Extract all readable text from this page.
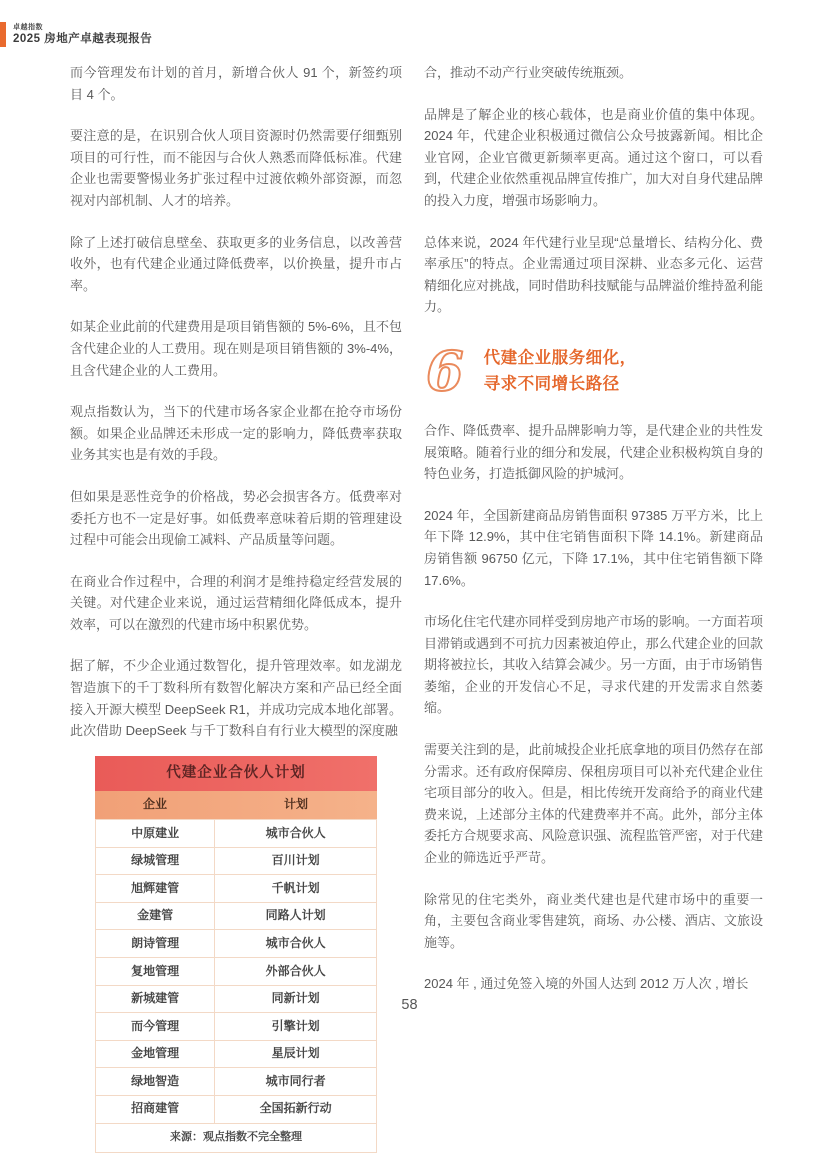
卓越指数
2025 房地产卓越表现报告

而今管理发布计划的首月，新增合伙人 91 个，新签约项目 4 个。

要注意的是，在识别合伙人项目资源时仍然需要仔细甄别项目的可行性，而不能因与合伙人熟悉而降低标准。代建企业也需要警惕业务扩张过程中过渡依赖外部资源，而忽视对内部机制、人才的培养。

除了上述打破信息壁垒、获取更多的业务信息，以改善营收外，也有代建企业通过降低费率，以价换量，提升市占率。

如某企业此前的代建费用是项目销售额的 5%-6%，且不包含代建企业的人工费用。现在则是项目销售额的 3%-4%，且含代建企业的人工费用。

观点指数认为，当下的代建市场各家企业都在抢夺市场份额。如果企业品牌还未形成一定的影响力，降低费率获取业务其实也是有效的手段。

但如果是恶性竞争的价格战，势必会损害各方。低费率对委托方也不一定是好事。如低费率意味着后期的管理建设过程中可能会出现偷工减料、产品质量等问题。

在商业合作过程中，合理的利润才是维持稳定经营发展的关键。对代建企业来说，通过运营精细化降低成本，提升效率，可以在激烈的代建市场中积累优势。

据了解，不少企业通过数智化，提升管理效率。如龙湖龙智造旗下的千丁数科所有数智化解决方案和产品已经全面接入开源大模型 DeepSeek R1，并成功完成本地化部署。此次借助 DeepSeek 与千丁数科自有行业大模型的深度融

代建企业合伙人计划
企业	计划
中原建业	城市合伙人
绿城管理	百川计划
旭辉建管	千帆计划
金建管	同路人计划
朗诗管理	城市合伙人
复地管理	外部合伙人
新城建管	同新计划
而今管理	引擎计划
金地管理	星辰计划
绿地智造	城市同行者
招商建管	全国拓新行动
来源：观点指数不完全整理

合，推动不动产行业突破传统瓶颈。

品牌是了解企业的核心载体，也是商业价值的集中体现。2024 年，代建企业积极通过微信公众号披露新闻。相比企业官网，企业官微更新频率更高。通过这个窗口，可以看到，代建企业依然重视品牌宣传推广，加大对自身代建品牌的投入力度，增强市场影响力。

总体来说，2024 年代建行业呈现“总量增长、结构分化、费率承压”的特点。企业需通过项目深耕、业态多元化、运营精细化应对挑战，同时借助科技赋能与品牌溢价维持盈利能力。

6 代建企业服务细化，
寻求不同增长路径

合作、降低费率、提升品牌影响力等，是代建企业的共性发展策略。随着行业的细分和发展，代建企业积极构筑自身的特色业务，打造抵御风险的护城河。

2024 年，全国新建商品房销售面积 97385 万平方米，比上年下降 12.9%，其中住宅销售面积下降 14.1%。新建商品房销售额 96750 亿元，下降 17.1%，其中住宅销售额下降 17.6%。

市场化住宅代建亦同样受到房地产市场的影响。一方面若项目滞销或遇到不可抗力因素被迫停止，那么代建企业的回款期将被拉长，其收入结算会减少。另一方面，由于市场销售萎缩，企业的开发信心不足，寻求代建的开发需求自然萎缩。

需要关注到的是，此前城投企业托底拿地的项目仍然存在部分需求。还有政府保障房、保租房项目可以补充代建企业住宅项目部分的收入。但是，相比传统开发商给予的商业代建费来说，上述部分主体的代建费率并不高。此外，部分主体委托方合规要求高、风险意识强、流程监管严密，对于代建企业的筛选近乎严苛。

除常见的住宅类外，商业类代建也是代建市场中的重要一角，主要包含商业零售建筑，商场、办公楼、酒店、文旅设施等。

2024 年 , 通过免签入境的外国人达到 2012 万人次 , 增长

58
